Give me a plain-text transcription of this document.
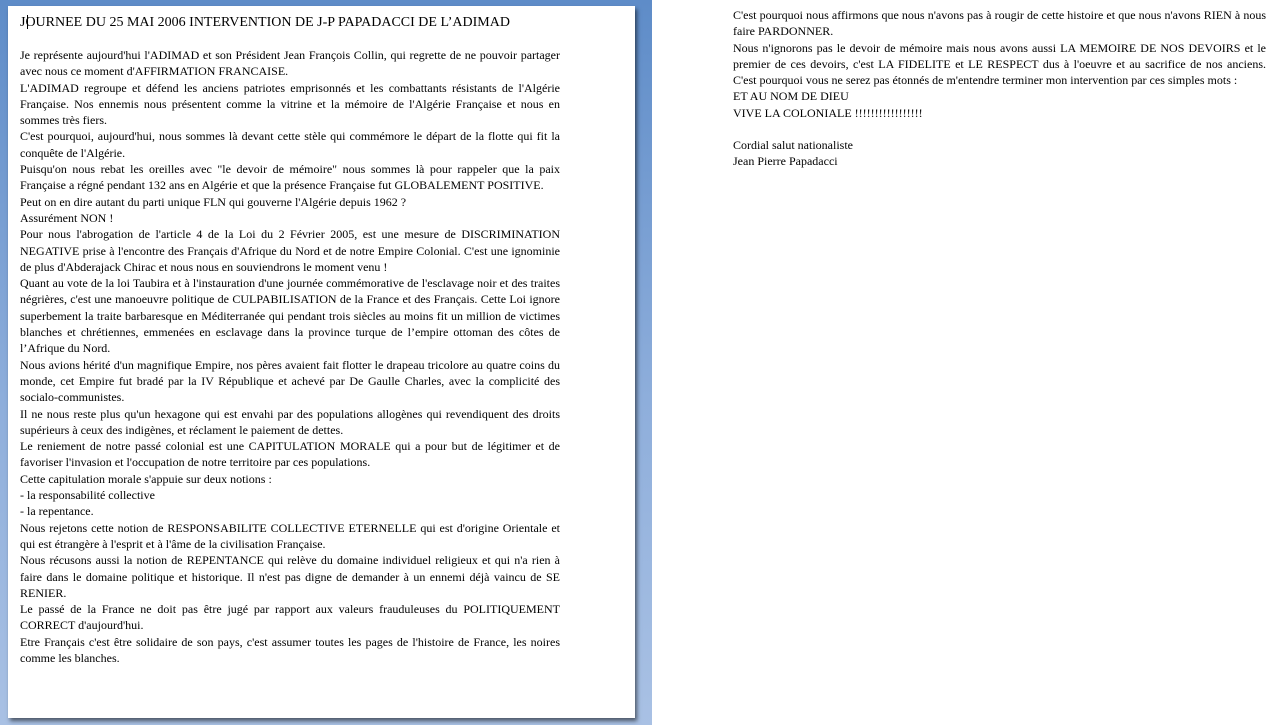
JOURNEE DU 25 MAI 2006 INTERVENTION DE J-P PAPADACCI DE L’ADIMAD

Je représente aujourd'hui l'ADIMAD et son Président Jean François Collin, qui regrette de ne pouvoir partager avec nous ce moment d'AFFIRMATION FRANCAISE.

L'ADIMAD regroupe et défend les anciens patriotes emprisonnés et les combattants résistants de l'Algérie Française. Nos ennemis nous présentent comme la vitrine et la mémoire de l'Algérie Française et nous en sommes très fiers.

C'est pourquoi, aujourd'hui, nous sommes là devant cette stèle qui commémore le départ de la flotte qui fit la conquête de l'Algérie.

Puisqu'on nous rebat les oreilles avec "le devoir de mémoire" nous sommes là pour rappeler que la paix Française a régné pendant 132 ans en Algérie et que la présence Française fut GLOBALEMENT POSITIVE.

Peut on en dire autant du parti unique FLN qui gouverne l'Algérie depuis 1962 ?

Assurément NON !

Pour nous l'abrogation de l'article 4 de la Loi du 2 Février 2005, est une mesure de DISCRIMINATION NEGATIVE prise à l'encontre des Français d'Afrique du Nord et de notre Empire Colonial. C'est une ignominie de plus d'Abderajack Chirac et nous nous en souviendrons le moment venu !

Quant au vote de la loi Taubira et à l'instauration d'une journée commémorative de l'esclavage noir et des traites négrières, c'est une manoeuvre politique de CULPABILISATION de la France et des Français. Cette Loi ignore superbement la traite barbaresque en Méditerranée qui pendant trois siècles au moins fit un million de victimes blanches et chrétiennes, emmenées en esclavage dans la province turque de l’empire ottoman des côtes de l’Afrique du Nord.

Nous avions hérité d'un magnifique Empire, nos pères avaient fait flotter le drapeau tricolore au quatre coins du monde, cet Empire fut bradé par la IV République et achevé par De Gaulle Charles, avec la complicité des socialo-communistes.

Il ne nous reste plus qu'un hexagone qui est envahi par des populations allogènes qui revendiquent des droits supérieurs à ceux des indigènes, et réclament le paiement de dettes.

Le reniement de notre passé colonial est une CAPITULATION MORALE qui a pour but de légitimer et de favoriser l'invasion et l'occupation de notre territoire par ces populations.

Cette capitulation morale s'appuie sur deux notions :

- la responsabilité collective

- la repentance.

Nous rejetons cette notion de RESPONSABILITE COLLECTIVE ETERNELLE qui est d'origine Orientale et qui est étrangère à l'esprit et à l'âme de la civilisation Française.

Nous récusons aussi la notion de REPENTANCE qui relève du domaine individuel religieux et qui n'a rien à faire dans le domaine politique et historique. Il n'est pas digne de demander à un ennemi déjà vaincu de SE RENIER.

Le passé de la France ne doit pas être jugé par rapport aux valeurs frauduleuses du POLITIQUEMENT CORRECT d'aujourd'hui.

Etre Français c'est être solidaire de son pays, c'est assumer toutes les pages de l'histoire de France, les noires comme les blanches.

C'est pourquoi nous affirmons que nous n'avons pas à rougir de cette histoire et que nous n'avons RIEN à nous faire PARDONNER.

Nous n'ignorons pas le devoir de mémoire mais nous avons aussi LA MEMOIRE DE NOS DEVOIRS et le premier de ces devoirs, c'est LA FIDELITE et LE RESPECT dus à l'oeuvre et au sacrifice de nos anciens. C'est pourquoi vous ne serez pas étonnés de m'entendre terminer mon intervention par ces simples mots :

ET AU NOM DE DIEU

VIVE LA COLONIALE !!!!!!!!!!!!!!!!!

Cordial salut nationaliste

Jean Pierre Papadacci
